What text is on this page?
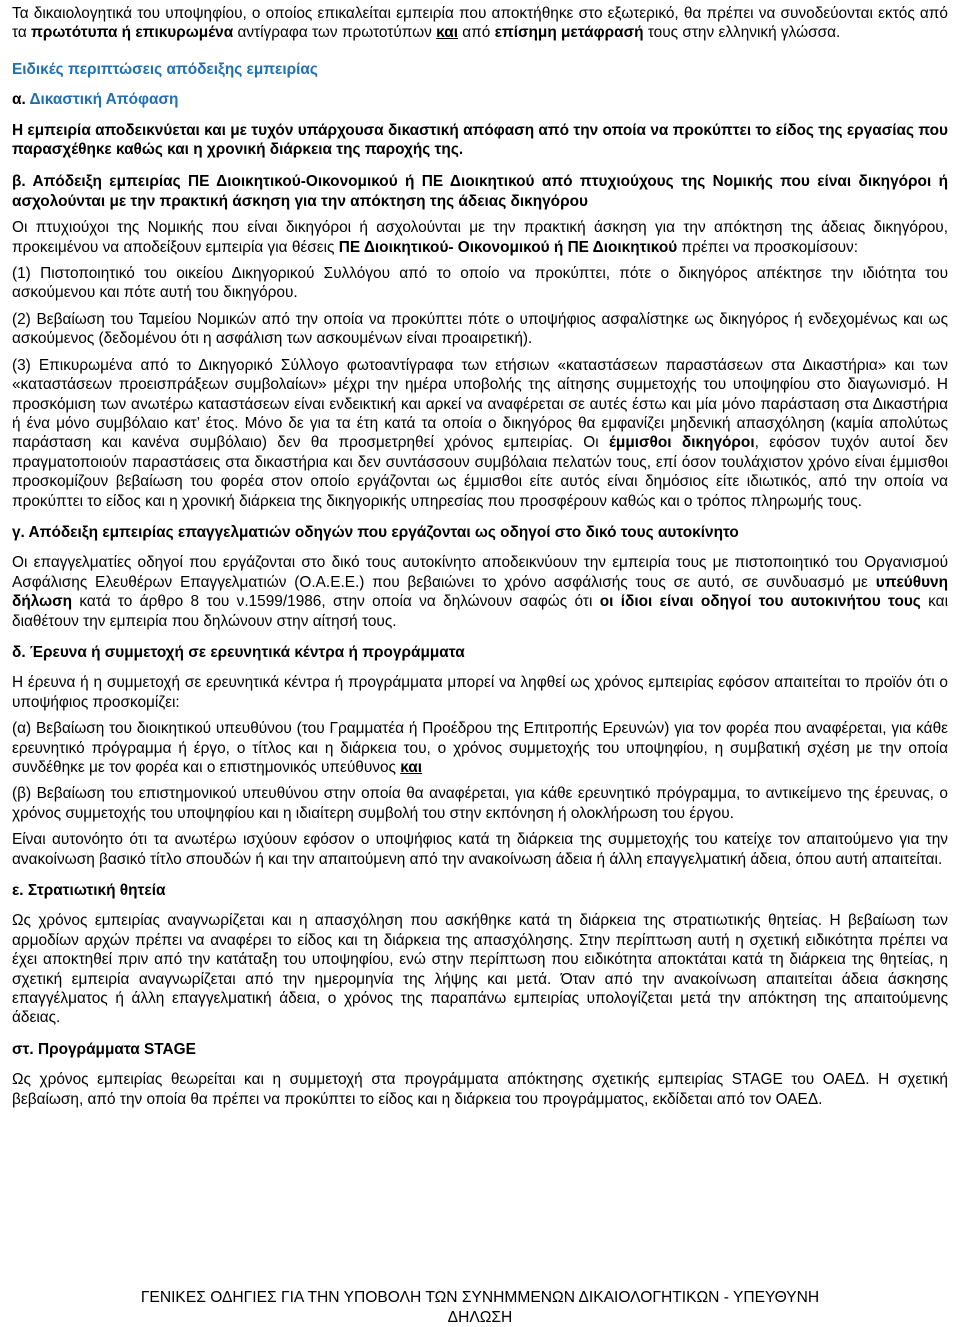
Τα δικαιολογητικά του υποψηφίου, ο οποίος επικαλείται εμπειρία που αποκτήθηκε στο εξωτερικό, θα πρέπει να συνοδεύονται εκτός από τα πρωτότυπα ή επικυρωμένα αντίγραφα των πρωτοτύπων και από επίσημη μετάφρασή τους στην ελληνική γλώσσα.

Ειδικές περιπτώσεις απόδειξης εμπειρίας
α. Δικαστική Απόφαση

Η εμπειρία αποδεικνύεται και με τυχόν υπάρχουσα δικαστική απόφαση από την οποία να προκύπτει το είδος της εργασίας που παρασχέθηκε καθώς και η χρονική διάρκεια της παροχής της.

β. Απόδειξη εμπειρίας ΠΕ Διοικητικού-Οικονομικού ή ΠΕ Διοικητικού από πτυχιούχους της Νομικής που είναι δικηγόροι ή ασχολούνται με την πρακτική άσκηση για την απόκτηση της άδειας δικηγόρου

Οι πτυχιούχοι της Νομικής που είναι δικηγόροι ή ασχολούνται με την πρακτική άσκηση για την απόκτηση της άδειας δικηγόρου, προκειμένου να αποδείξουν εμπειρία για θέσεις ΠΕ Διοικητικού- Οικονομικού ή ΠΕ Διοικητικού πρέπει να προσκομίσουν:

(1) Πιστοποιητικό του οικείου Δικηγορικού Συλλόγου από το οποίο να προκύπτει, πότε ο δικηγόρος απέκτησε την ιδιότητα του ασκούμενου και πότε αυτή του δικηγόρου.

(2) Βεβαίωση του Ταμείου Νομικών από την οποία να προκύπτει πότε ο υποψήφιος ασφαλίστηκε ως δικηγόρος ή ενδεχομένως και ως ασκούμενος (δεδομένου ότι η ασφάλιση των ασκουμένων είναι προαιρετική).

(3) Επικυρωμένα από το Δικηγορικό Σύλλογο φωτοαντίγραφα των ετήσιων «καταστάσεων παραστάσεων στα Δικαστήρια» και των «καταστάσεων προεισπράξεων συμβολαίων» μέχρι την ημέρα υποβολής της αίτησης συμμετοχής του υποψηφίου στο διαγωνισμό. Η προσκόμιση των ανωτέρω καταστάσεων είναι ενδεικτική και αρκεί να αναφέρεται σε αυτές έστω και μία μόνο παράσταση στα Δικαστήρια ή ένα μόνο συμβόλαιο κατ’ έτος. Μόνο δε για τα έτη κατά τα οποία ο δικηγόρος θα εμφανίζει μηδενική απασχόληση (καμία απολύτως παράσταση και κανένα συμβόλαιο) δεν θα προσμετρηθεί χρόνος εμπειρίας. Οι έμμισθοι δικηγόροι, εφόσον τυχόν αυτοί δεν πραγματοποιούν παραστάσεις στα δικαστήρια και δεν συντάσσουν συμβόλαια πελατών τους, επί όσον τουλάχιστον χρόνο είναι έμμισθοι προσκομίζουν βεβαίωση του φορέα στον οποίο εργάζονται ως έμμισθοι είτε αυτός είναι δημόσιος είτε ιδιωτικός, από την οποία να προκύπτει το είδος και η χρονική διάρκεια της δικηγορικής υπηρεσίας που προσφέρουν καθώς και ο τρόπος πληρωμής τους.

γ. Απόδειξη εμπειρίας επαγγελματιών οδηγών που εργάζονται ως οδηγοί στο δικό τους αυτοκίνητο

Οι επαγγελματίες οδηγοί που εργάζονται στο δικό τους αυτοκίνητο αποδεικνύουν την εμπειρία τους με πιστοποιητικό του Οργανισμού Ασφάλισης Ελευθέρων Επαγγελματιών (Ο.Α.Ε.Ε.) που βεβαιώνει το χρόνο ασφάλισής τους σε αυτό, σε συνδυασμό με υπεύθυνη δήλωση κατά το άρθρο 8 του ν.1599/1986, στην οποία να δηλώνουν σαφώς ότι οι ίδιοι είναι οδηγοί του αυτοκινήτου τους και διαθέτουν την εμπειρία που δηλώνουν στην αίτησή τους.

δ. Έρευνα ή συμμετοχή σε ερευνητικά κέντρα ή προγράμματα

Η έρευνα ή η συμμετοχή σε ερευνητικά κέντρα ή προγράμματα μπορεί να ληφθεί ως χρόνος εμπειρίας εφόσον απαιτείται το προϊόν ότι ο υποψήφιος προσκομίζει:

(α) Βεβαίωση του διοικητικού υπευθύνου (του Γραμματέα ή Προέδρου της Επιτροπής Ερευνών) για τον φορέα που αναφέρεται, για κάθε ερευνητικό πρόγραμμα ή έργο, ο τίτλος και η διάρκεια του, ο χρόνος συμμετοχής του υποψηφίου, η συμβατική σχέση με την οποία συνδέθηκε με τον φορέα και ο επιστημονικός υπεύθυνος και

(β) Βεβαίωση του επιστημονικού υπευθύνου στην οποία θα αναφέρεται, για κάθε ερευνητικό πρόγραμμα, το αντικείμενο της έρευνας, ο χρόνος συμμετοχής του υποψηφίου και η ιδιαίτερη συμβολή του στην εκπόνηση ή ολοκλήρωση του έργου.

Είναι αυτονόητο ότι τα ανωτέρω ισχύουν εφόσον ο υποψήφιος κατά τη διάρκεια της συμμετοχής του κατείχε τον απαιτούμενο για την ανακοίνωση βασικό τίτλο σπουδών ή και την απαιτούμενη από την ανακοίνωση άδεια ή άλλη επαγγελματική άδεια, όπου αυτή απαιτείται.

ε. Στρατιωτική θητεία

Ως χρόνος εμπειρίας αναγνωρίζεται και η απασχόληση που ασκήθηκε κατά τη διάρκεια της στρατιωτικής θητείας. Η βεβαίωση των αρμοδίων αρχών πρέπει να αναφέρει το είδος και τη διάρκεια της απασχόλησης. Στην περίπτωση αυτή η σχετική ειδικότητα πρέπει να έχει αποκτηθεί πριν από την κατάταξη του υποψηφίου, ενώ στην περίπτωση που ειδικότητα αποκτάται κατά τη διάρκεια της θητείας, η σχετική εμπειρία αναγνωρίζεται από την ημερομηνία της λήψης και μετά. Όταν από την ανακοίνωση απαιτείται άδεια άσκησης επαγγέλματος ή άλλη επαγγελματική άδεια, ο χρόνος της παραπάνω εμπειρίας υπολογίζεται μετά την απόκτηση της απαιτούμενης άδειας.

στ. Προγράμματα STAGE

Ως χρόνος εμπειρίας θεωρείται και η συμμετοχή στα προγράμματα απόκτησης σχετικής εμπειρίας STAGE του ΟΑΕΔ. Η σχετική βεβαίωση, από την οποία θα πρέπει να προκύπτει το είδος και η διάρκεια του προγράμματος, εκδίδεται από τον ΟΑΕΔ.

ΓΕΝΙΚΕΣ ΟΔΗΓΙΕΣ ΓΙΑ ΤΗΝ ΥΠΟΒΟΛΗ ΤΩΝ ΣΥΝΗΜΜΕΝΩΝ ΔΙΚΑΙΟΛΟΓΗΤΙΚΩΝ - ΥΠΕΥΘΥΝΗ
ΔΗΛΩΣΗ
